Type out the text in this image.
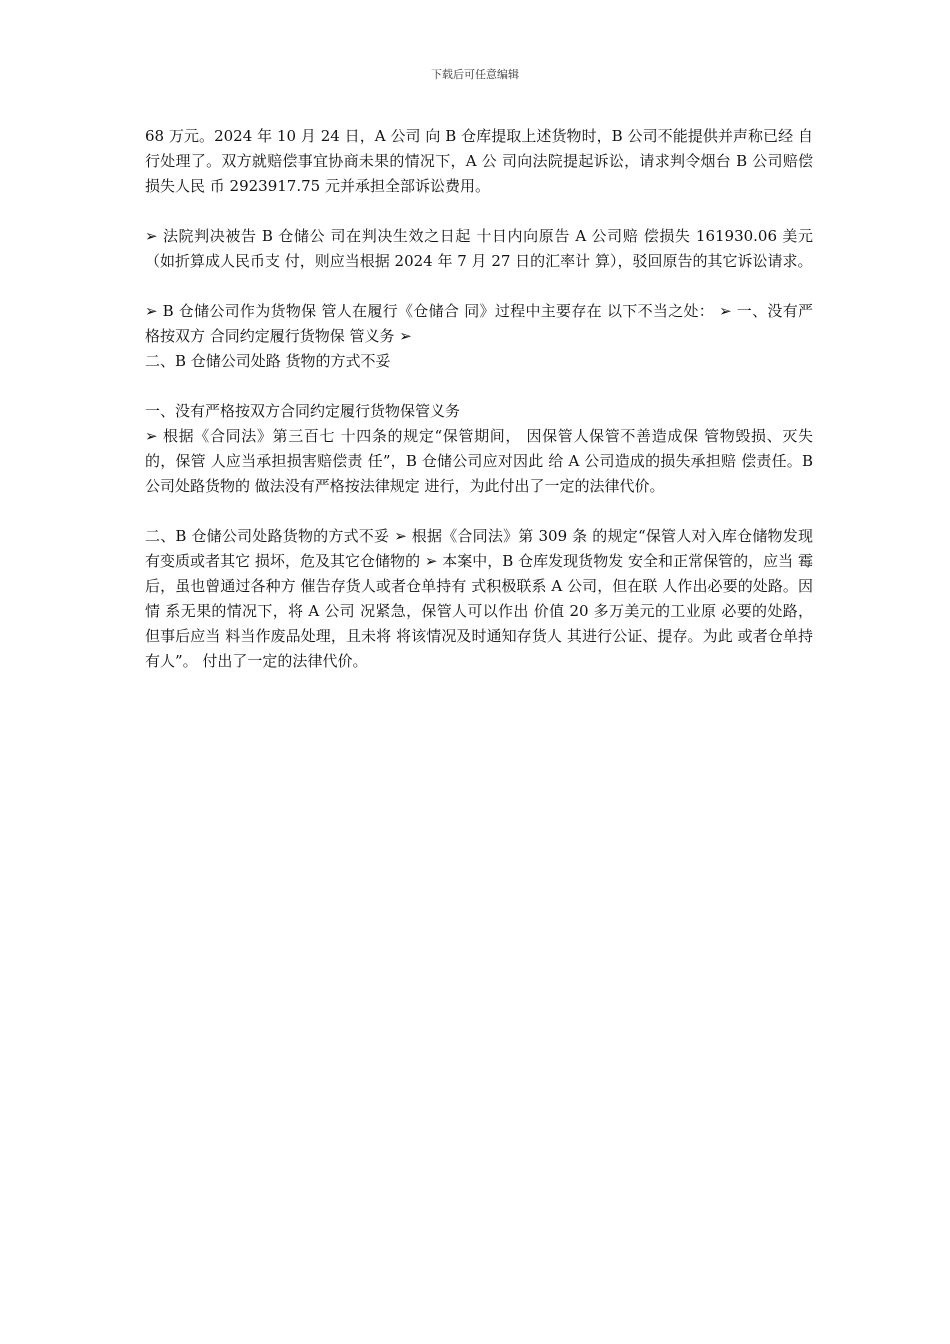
下载后可任意编辑

68 万元。2024 年 10 月 24 日，A 公司 向 B 仓库提取上述货物时，B 公司不能提供并声称已经 自行处理了。双方就赔偿事宜协商未果的情况下，A 公 司向法院提起诉讼，请求判令烟台 B 公司赔偿损失人民 币 2923917.75 元并承担全部诉讼费用。

➢ 法院判决被告 B 仓储公 司在判决生效之日起 十日内向原告 A 公司赔 偿损失 161930.06 美元 （如折算成人民币支 付，则应当根据 2024 年 7 月 27 日的汇率计 算），驳回原告的其它诉讼请求。

➢ B 仓储公司作为货物保 管人在履行《仓储合 同》过程中主要存在 以下不当之处： ➢ 一、没有严格按双方 合同约定履行货物保 管义务 ➢
二、B 仓储公司处路 货物的方式不妥

一、没有严格按双方合同约定履行货物保管义务
➢ 根据《合同法》第三百七 十四条的规定“保管期间， 因保管人保管不善造成保 管物毁损、灭失的，保管 人应当承担损害赔偿责 任”，B 仓储公司应对因此 给 A 公司造成的损失承担赔 偿责任。B 公司处路货物的 做法没有严格按法律规定 进行，为此付出了一定的法律代价。

二、B 仓储公司处路货物的方式不妥 ➢ 根据《合同法》第 309 条 的规定“保管人对入库仓储物发现有变质或者其它 损坏，危及其它仓储物的 ➢ 本案中，B 仓库发现货物发 安全和正常保管的，应当 霉后，虽也曾通过各种方 催告存货人或者仓单持有 式积极联系 A 公司，但在联 人作出必要的处路。因情 系无果的情况下，将 A 公司 况紧急，保管人可以作出 价值 20 多万美元的工业原 必要的处路，但事后应当 料当作废品处理，且未将 将该情况及时通知存货人 其进行公证、提存。为此 或者仓单持有人”。 付出了一定的法律代价。
